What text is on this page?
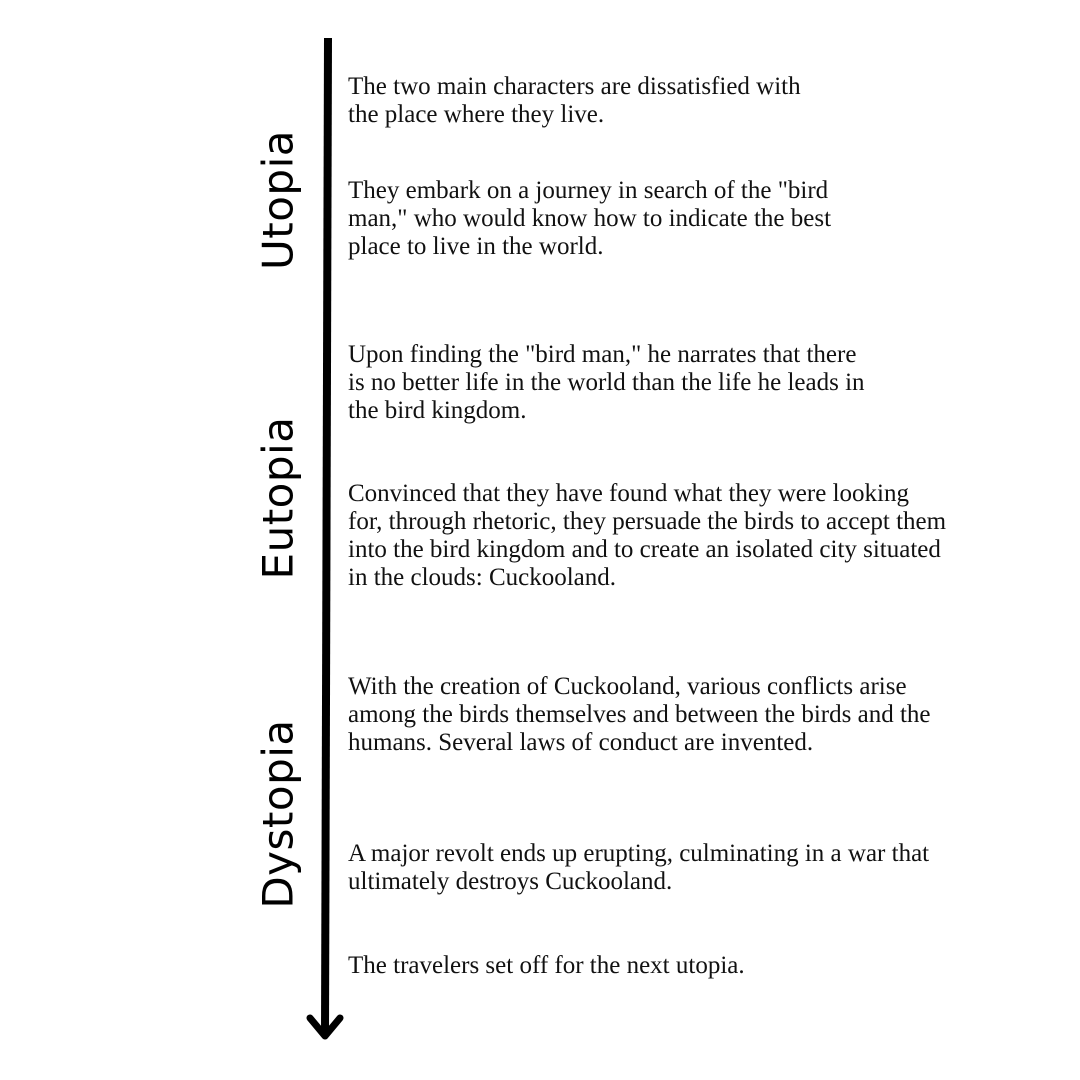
Utopia
Eutopia
Dystopia

The two main characters are dissatisfied with the place where they live.

They embark on a journey in search of the "bird man," who would know how to indicate the best place to live in the world.

Upon finding the "bird man," he narrates that there is no better life in the world than the life he leads in the bird kingdom.

Convinced that they have found what they were looking for, through rhetoric, they persuade the birds to accept them into the bird kingdom and to create an isolated city situated in the clouds: Cuckooland.

With the creation of Cuckooland, various conflicts arise among the birds themselves and between the birds and the humans. Several laws of conduct are invented.

A major revolt ends up erupting, culminating in a war that ultimately destroys Cuckooland.

The travelers set off for the next utopia.
